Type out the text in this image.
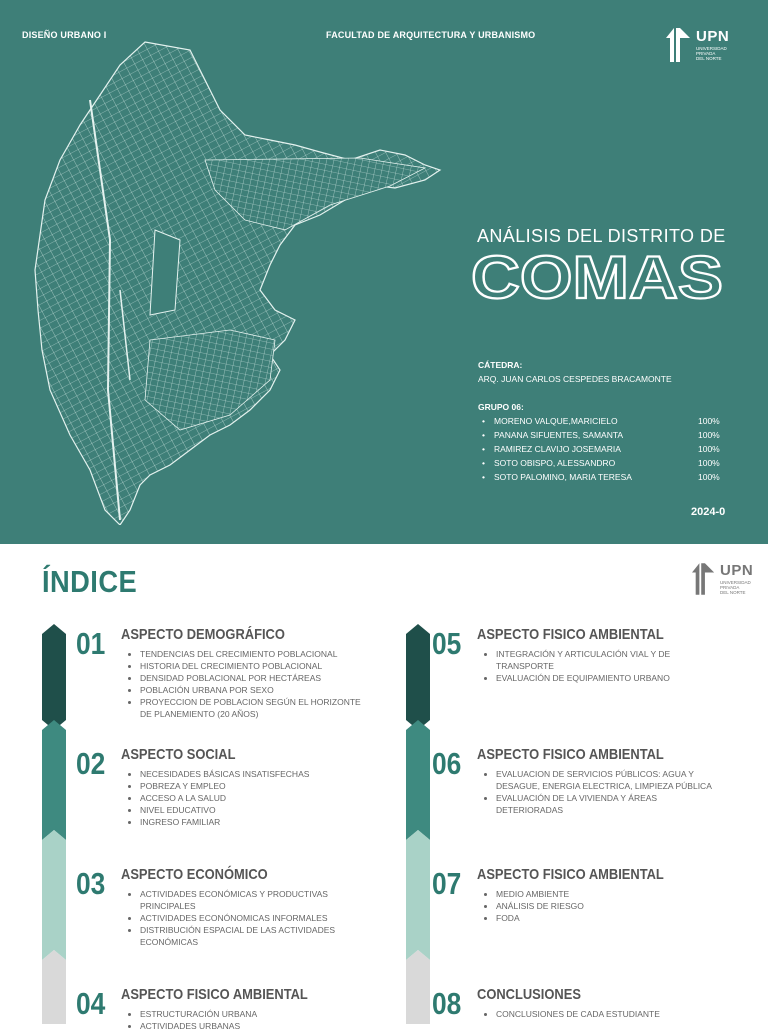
DISEÑO URBANO I	FACULTAD DE ARQUITECTURA Y URBANISMO	UPN
UNIVERSIDAD
PRIVADA
DEL NORTE
ANÁLISIS DEL DISTRITO DE
COMAS
CÁTEDRA:
ARQ. JUAN CARLOS CESPEDES BRACAMONTE
GRUPO 06:
•	MORENO VALQUE,MARICIELO	100%
•	PANANA SIFUENTES, SAMANTA	100%
•	RAMIREZ CLAVIJO JOSEMARIA	100%
•	SOTO OBISPO, ALESSANDRO	100%
•	SOTO PALOMINO, MARIA TERESA	100%
2024-0
ÍNDICE	UPN
UNIVERSIDAD
PRIVADA
DEL NORTE
01 ASPECTO DEMOGRÁFICO
• TENDENCIAS DEL CRECIMIENTO POBLACIONAL
• HISTORIA DEL CRECIMIENTO POBLACIONAL
• DENSIDAD POBLACIONAL POR HECTÁREAS
• POBLACIÓN URBANA POR SEXO
• PROYECCION DE POBLACION SEGÚN EL HORIZONTE DE PLANEMIENTO (20 AÑOS)
02 ASPECTO SOCIAL
• NECESIDADES BÁSICAS INSATISFECHAS
• POBREZA Y EMPLEO
• ACCESO A LA SALUD
• NIVEL EDUCATIVO
• INGRESO FAMILIAR
03 ASPECTO ECONÓMICO
• ACTIVIDADES ECONÓMICAS Y PRODUCTIVAS PRINCIPALES
• ACTIVIDADES ECONÓNOMICAS INFORMALES
• DISTRIBUCIÓN ESPACIAL DE LAS ACTIVIDADES ECONÓMICAS
04 ASPECTO FISICO AMBIENTAL
• ESTRUCTURACIÓN URBANA
• ACTIVIDADES URBANAS
05 ASPECTO FISICO AMBIENTAL
• INTEGRACIÓN Y ARTICULACIÓN VIAL Y DE TRANSPORTE
• EVALUACIÓN DE EQUIPAMIENTO URBANO
06 ASPECTO FISICO AMBIENTAL
• EVALUACION DE SERVICIOS PÚBLICOS: AGUA Y DESAGUE, ENERGIA ELECTRICA, LIMPIEZA PÚBLICA
• EVALUACIÓN DE LA VIVIENDA Y ÁREAS DETERIORADAS
07 ASPECTO FISICO AMBIENTAL
• MEDIO AMBIENTE
• ANÁLISIS DE RIESGO
• FODA
08 CONCLUSIONES
• CONCLUSIONES DE CADA ESTUDIANTE
